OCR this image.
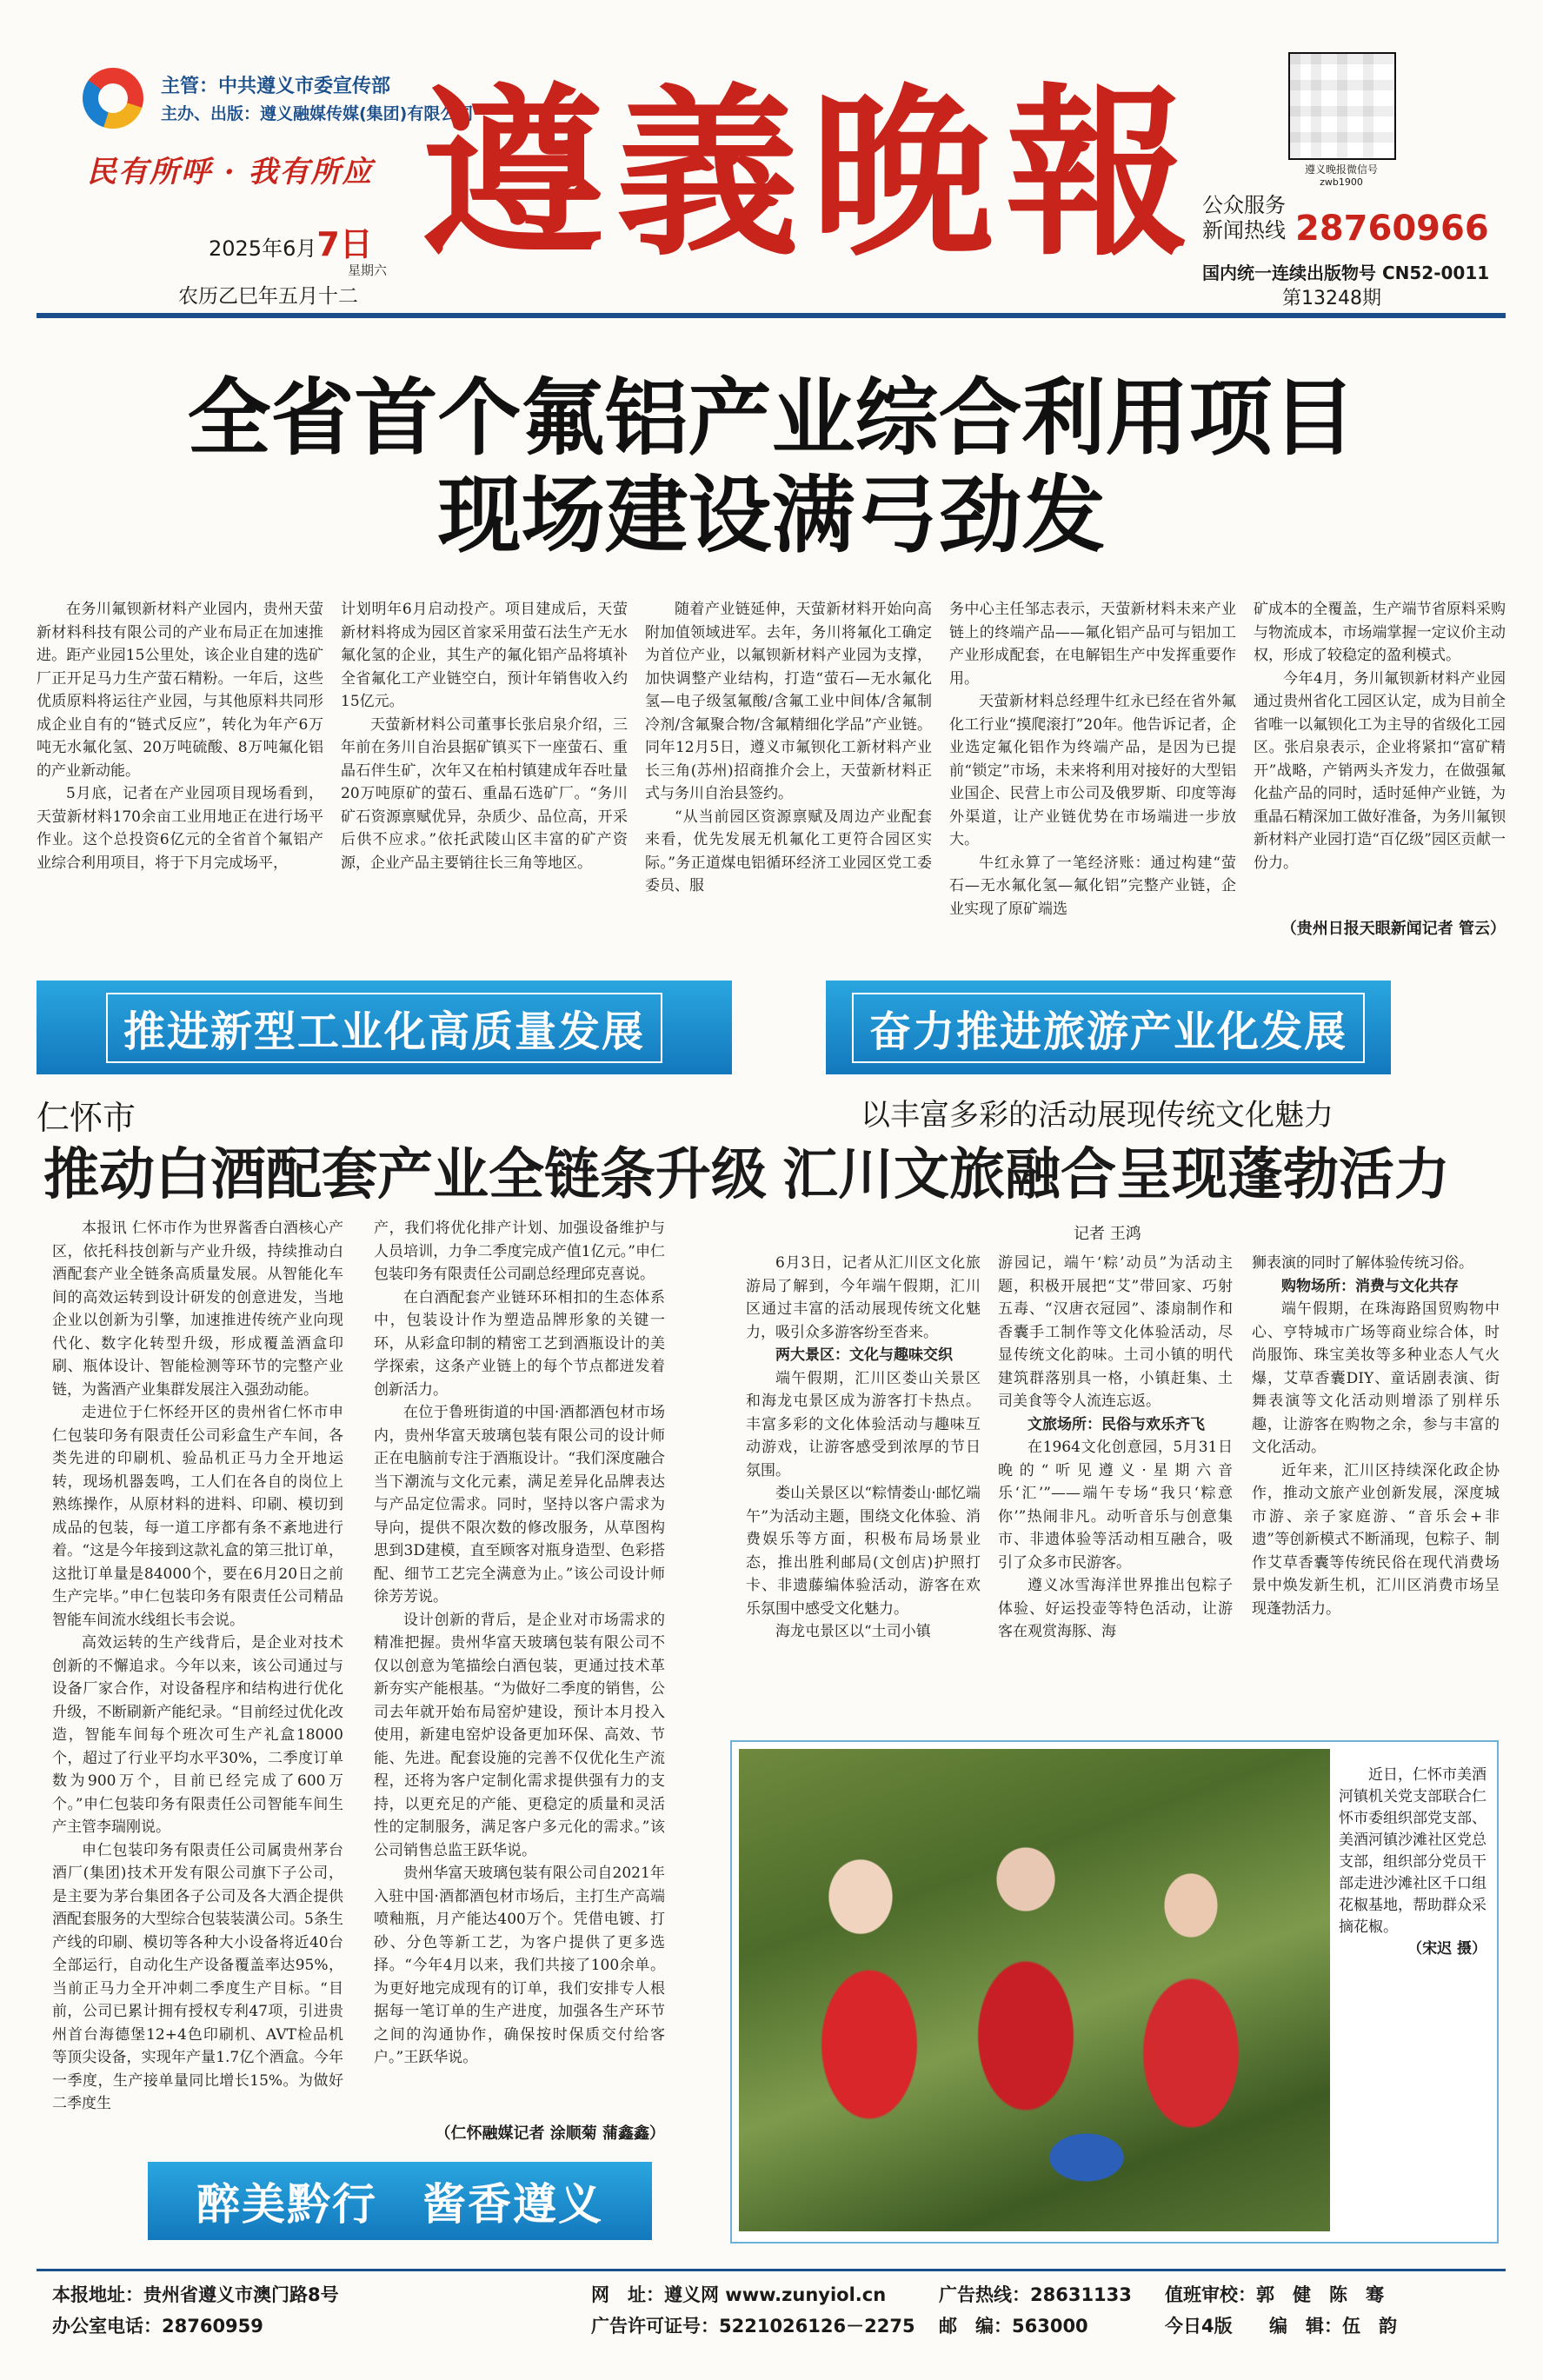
主管：中共遵义市委宣传部
主办、出版：遵义融媒传媒(集团)有限公司
民有所呼 · 我有所应
2025年6月7日
星期六
农历乙巳年五月十二
遵義晚報	遵义晚报微信号
zwb1900
公众服务
新闻热线 28760966
国内统一连续出版物号 CN52-0011
第13248期
全省首个氟铝产业综合利用项目
现场建设满弓劲发

在务川氟钡新材料产业园内，贵州天萤新材料科技有限公司的产业布局正在加速推进。距产业园15公里处，该企业自建的选矿厂正开足马力生产萤石精粉。一年后，这些优质原料将运往产业园，与其他原料共同形成企业自有的“链式反应”，转化为年产6万吨无水氟化氢、20万吨硫酸、8万吨氟化铝的产业新动能。

5月底，记者在产业园项目现场看到，天萤新材料170余亩工业用地正在进行场平作业。这个总投资6亿元的全省首个氟铝产业综合利用项目，将于下月完成场平，

计划明年6月启动投产。项目建成后，天萤新材料将成为园区首家采用萤石法生产无水氟化氢的企业，其生产的氟化铝产品将填补全省氟化工产业链空白，预计年销售收入约15亿元。

天萤新材料公司董事长张启泉介绍，三年前在务川自治县据矿镇买下一座萤石、重晶石伴生矿，次年又在柏村镇建成年吞吐量20万吨原矿的萤石、重晶石选矿厂。“务川矿石资源禀赋优异，杂质少、品位高，开采后供不应求。”依托武陵山区丰富的矿产资源，企业产品主要销往长三角等地区。

随着产业链延伸，天萤新材料开始向高附加值领域进军。去年，务川将氟化工确定为首位产业，以氟钡新材料产业园为支撑，加快调整产业结构，打造“萤石—无水氟化氢—电子级氢氟酸/含氟工业中间体/含氟制冷剂/含氟聚合物/含氟精细化学品”产业链。同年12月5日，遵义市氟钡化工新材料产业长三角(苏州)招商推介会上，天萤新材料正式与务川自治县签约。

“从当前园区资源禀赋及周边产业配套来看，优先发展无机氟化工更符合园区实际。”务正道煤电铝循环经济工业园区党工委委员、服

务中心主任邹志表示，天萤新材料未来产业链上的终端产品——氟化铝产品可与铝加工产业形成配套，在电解铝生产中发挥重要作用。

天萤新材料总经理牛红永已经在省外氟化工行业“摸爬滚打”20年。他告诉记者，企业选定氟化铝作为终端产品，是因为已提前“锁定”市场，未来将利用对接好的大型铝业国企、民营上市公司及俄罗斯、印度等海外渠道，让产业链优势在市场端进一步放大。

牛红永算了一笔经济账：通过构建“萤石—无水氟化氢—氟化铝”完整产业链，企业实现了原矿端选

矿成本的全覆盖，生产端节省原料采购与物流成本，市场端掌握一定议价主动权，形成了较稳定的盈利模式。

今年4月，务川氟钡新材料产业园通过贵州省化工园区认定，成为目前全省唯一以氟钡化工为主导的省级化工园区。张启泉表示，企业将紧扣“富矿精开”战略，产销两头齐发力，在做强氟化盐产品的同时，适时延伸产业链，为重晶石精深加工做好准备，为务川氟钡新材料产业园打造“百亿级”园区贡献一份力。

（贵州日报天眼新闻记者 管云）
推进新型工业化高质量发展	奋力推进旅游产业化发展
仁怀市
推动白酒配套产业全链条升级

本报讯 仁怀市作为世界酱香白酒核心产区，依托科技创新与产业升级，持续推动白酒配套产业全链条高质量发展。从智能化车间的高效运转到设计研发的创意进发，当地企业以创新为引擎，加速推进传统产业向现代化、数字化转型升级，形成覆盖酒盒印刷、瓶体设计、智能检测等环节的完整产业链，为酱酒产业集群发展注入强劲动能。

走进位于仁怀经开区的贵州省仁怀市申仁包装印务有限责任公司彩盒生产车间，各类先进的印刷机、验品机正马力全开地运转，现场机器轰鸣，工人们在各自的岗位上熟练操作，从原材料的进料、印刷、模切到成品的包装，每一道工序都有条不紊地进行着。“这是今年接到这款礼盒的第三批订单，这批订单量是84000个，要在6月20日之前生产完毕。”申仁包装印务有限责任公司精品智能车间流水线组长韦会说。

高效运转的生产线背后，是企业对技术创新的不懈追求。今年以来，该公司通过与设备厂家合作，对设备程序和结构进行优化升级，不断刷新产能纪录。“目前经过优化改造，智能车间每个班次可生产礼盒18000个，超过了行业平均水平30%，二季度订单数为900万个，目前已经完成了600万个。”申仁包装印务有限责任公司智能车间生产主管李瑞刚说。

申仁包装印务有限责任公司属贵州茅台酒厂(集团)技术开发有限公司旗下子公司，是主要为茅台集团各子公司及各大酒企提供酒配套服务的大型综合包装装潢公司。5条生产线的印刷、模切等各种大小设备将近40台全部运行，自动化生产设备覆盖率达95%，当前正马力全开冲刺二季度生产目标。“目前，公司已累计拥有授权专利47项，引进贵州首台海德堡12+4色印刷机、AVT检品机等顶尖设备，实现年产量1.7亿个酒盒。今年一季度，生产接单量同比增长15%。为做好二季度生

产，我们将优化排产计划、加强设备维护与人员培训，力争二季度完成产值1亿元。”申仁包装印务有限责任公司副总经理邱克喜说。

在白酒配套产业链环环相扣的生态体系中，包装设计作为塑造品牌形象的关键一环，从彩盒印制的精密工艺到酒瓶设计的美学探索，这条产业链上的每个节点都迸发着创新活力。

在位于鲁班街道的中国·酒都酒包材市场内，贵州华富天玻璃包装有限公司的设计师正在电脑前专注于酒瓶设计。“我们深度融合当下潮流与文化元素，满足差异化品牌表达与产品定位需求。同时，坚持以客户需求为导向，提供不限次数的修改服务，从草图构思到3D建模，直至顾客对瓶身造型、色彩搭配、细节工艺完全满意为止。”该公司设计师徐芳芳说。

设计创新的背后，是企业对市场需求的精准把握。贵州华富天玻璃包装有限公司不仅以创意为笔描绘白酒包装，更通过技术革新夯实产能根基。“为做好二季度的销售，公司去年就开始布局窑炉建设，预计本月投入使用，新建电窑炉设备更加环保、高效、节能、先进。配套设施的完善不仅优化生产流程，还将为客户定制化需求提供强有力的支持，以更充足的产能、更稳定的质量和灵活性的定制服务，满足客户多元化的需求。”该公司销售总监王跃华说。

贵州华富天玻璃包装有限公司自2021年入驻中国·酒都酒包材市场后，主打生产高端喷釉瓶，月产能达400万个。凭借电镀、打砂、分色等新工艺，为客户提供了更多选择。“今年4月以来，我们共接了100余单。为更好地完成现有的订单，我们安排专人根据每一笔订单的生产进度，加强各生产环节之间的沟通协作，确保按时保质交付给客户。”王跃华说。

（仁怀融媒记者 涂顺菊 蒲鑫鑫）
以丰富多彩的活动展现传统文化魅力
汇川文旅融合呈现蓬勃活力
记者 王鸿

6月3日，记者从汇川区文化旅游局了解到，今年端午假期，汇川区通过丰富的活动展现传统文化魅力，吸引众多游客纷至沓来。

两大景区：文化与趣味交织

端午假期，汇川区娄山关景区和海龙屯景区成为游客打卡热点。丰富多彩的文化体验活动与趣味互动游戏，让游客感受到浓厚的节日氛围。

娄山关景区以“粽情娄山·邮忆端午”为活动主题，围绕文化体验、消费娱乐等方面，积极布局场景业态，推出胜利邮局(文创店)护照打卡、非遗藤编体验活动，游客在欢乐氛围中感受文化魅力。

海龙屯景区以“土司小镇

游园记，端午‘粽’动员”为活动主题，积极开展把“艾”带回家、巧射五毒、“汉唐衣冠园”、漆扇制作和香囊手工制作等文化体验活动，尽显传统文化韵味。土司小镇的明代建筑群落别具一格，小镇赶集、土司美食等令人流连忘返。

文旅场所：民俗与欢乐齐飞

在1964文化创意园，5月31日晚的“听见遵义·星期六音乐‘汇’”——端午专场“我只‘粽意你’”热闹非凡。动听音乐与创意集市、非遗体验等活动相互融合，吸引了众多市民游客。

遵义冰雪海洋世界推出包粽子体验、好运投壶等特色活动，让游客在观赏海豚、海

狮表演的同时了解体验传统习俗。

购物场所：消费与文化共存

端午假期，在珠海路国贸购物中心、亨特城市广场等商业综合体，时尚服饰、珠宝美妆等多种业态人气火爆，艾草香囊DIY、童话剧表演、街舞表演等文化活动则增添了别样乐趣，让游客在购物之余，参与丰富的文化活动。

近年来，汇川区持续深化政企协作，推动文旅产业创新发展，深度城市游、亲子家庭游、“音乐会+非遗”等创新模式不断涌现，包粽子、制作艾草香囊等传统民俗在现代消费场景中焕发新生机，汇川区消费市场呈现蓬勃活力。

近日，仁怀市美酒河镇机关党支部联合仁怀市委组织部党支部、美酒河镇沙滩社区党总支部，组织部分党员干部走进沙滩社区千口组花椒基地，帮助群众采摘花椒。
（宋迟 摄）
醉美黔行　酱香遵义
本报地址：贵州省遵义市澳门路8号
办公室电话：28760959
网　址：遵义网 www.zunyiol.cn
广告许可证号：5221026126－2275
广告热线：28631133
邮　编：563000
值班审校：郭　健　陈　骞
今日4版 编　辑：伍　韵
